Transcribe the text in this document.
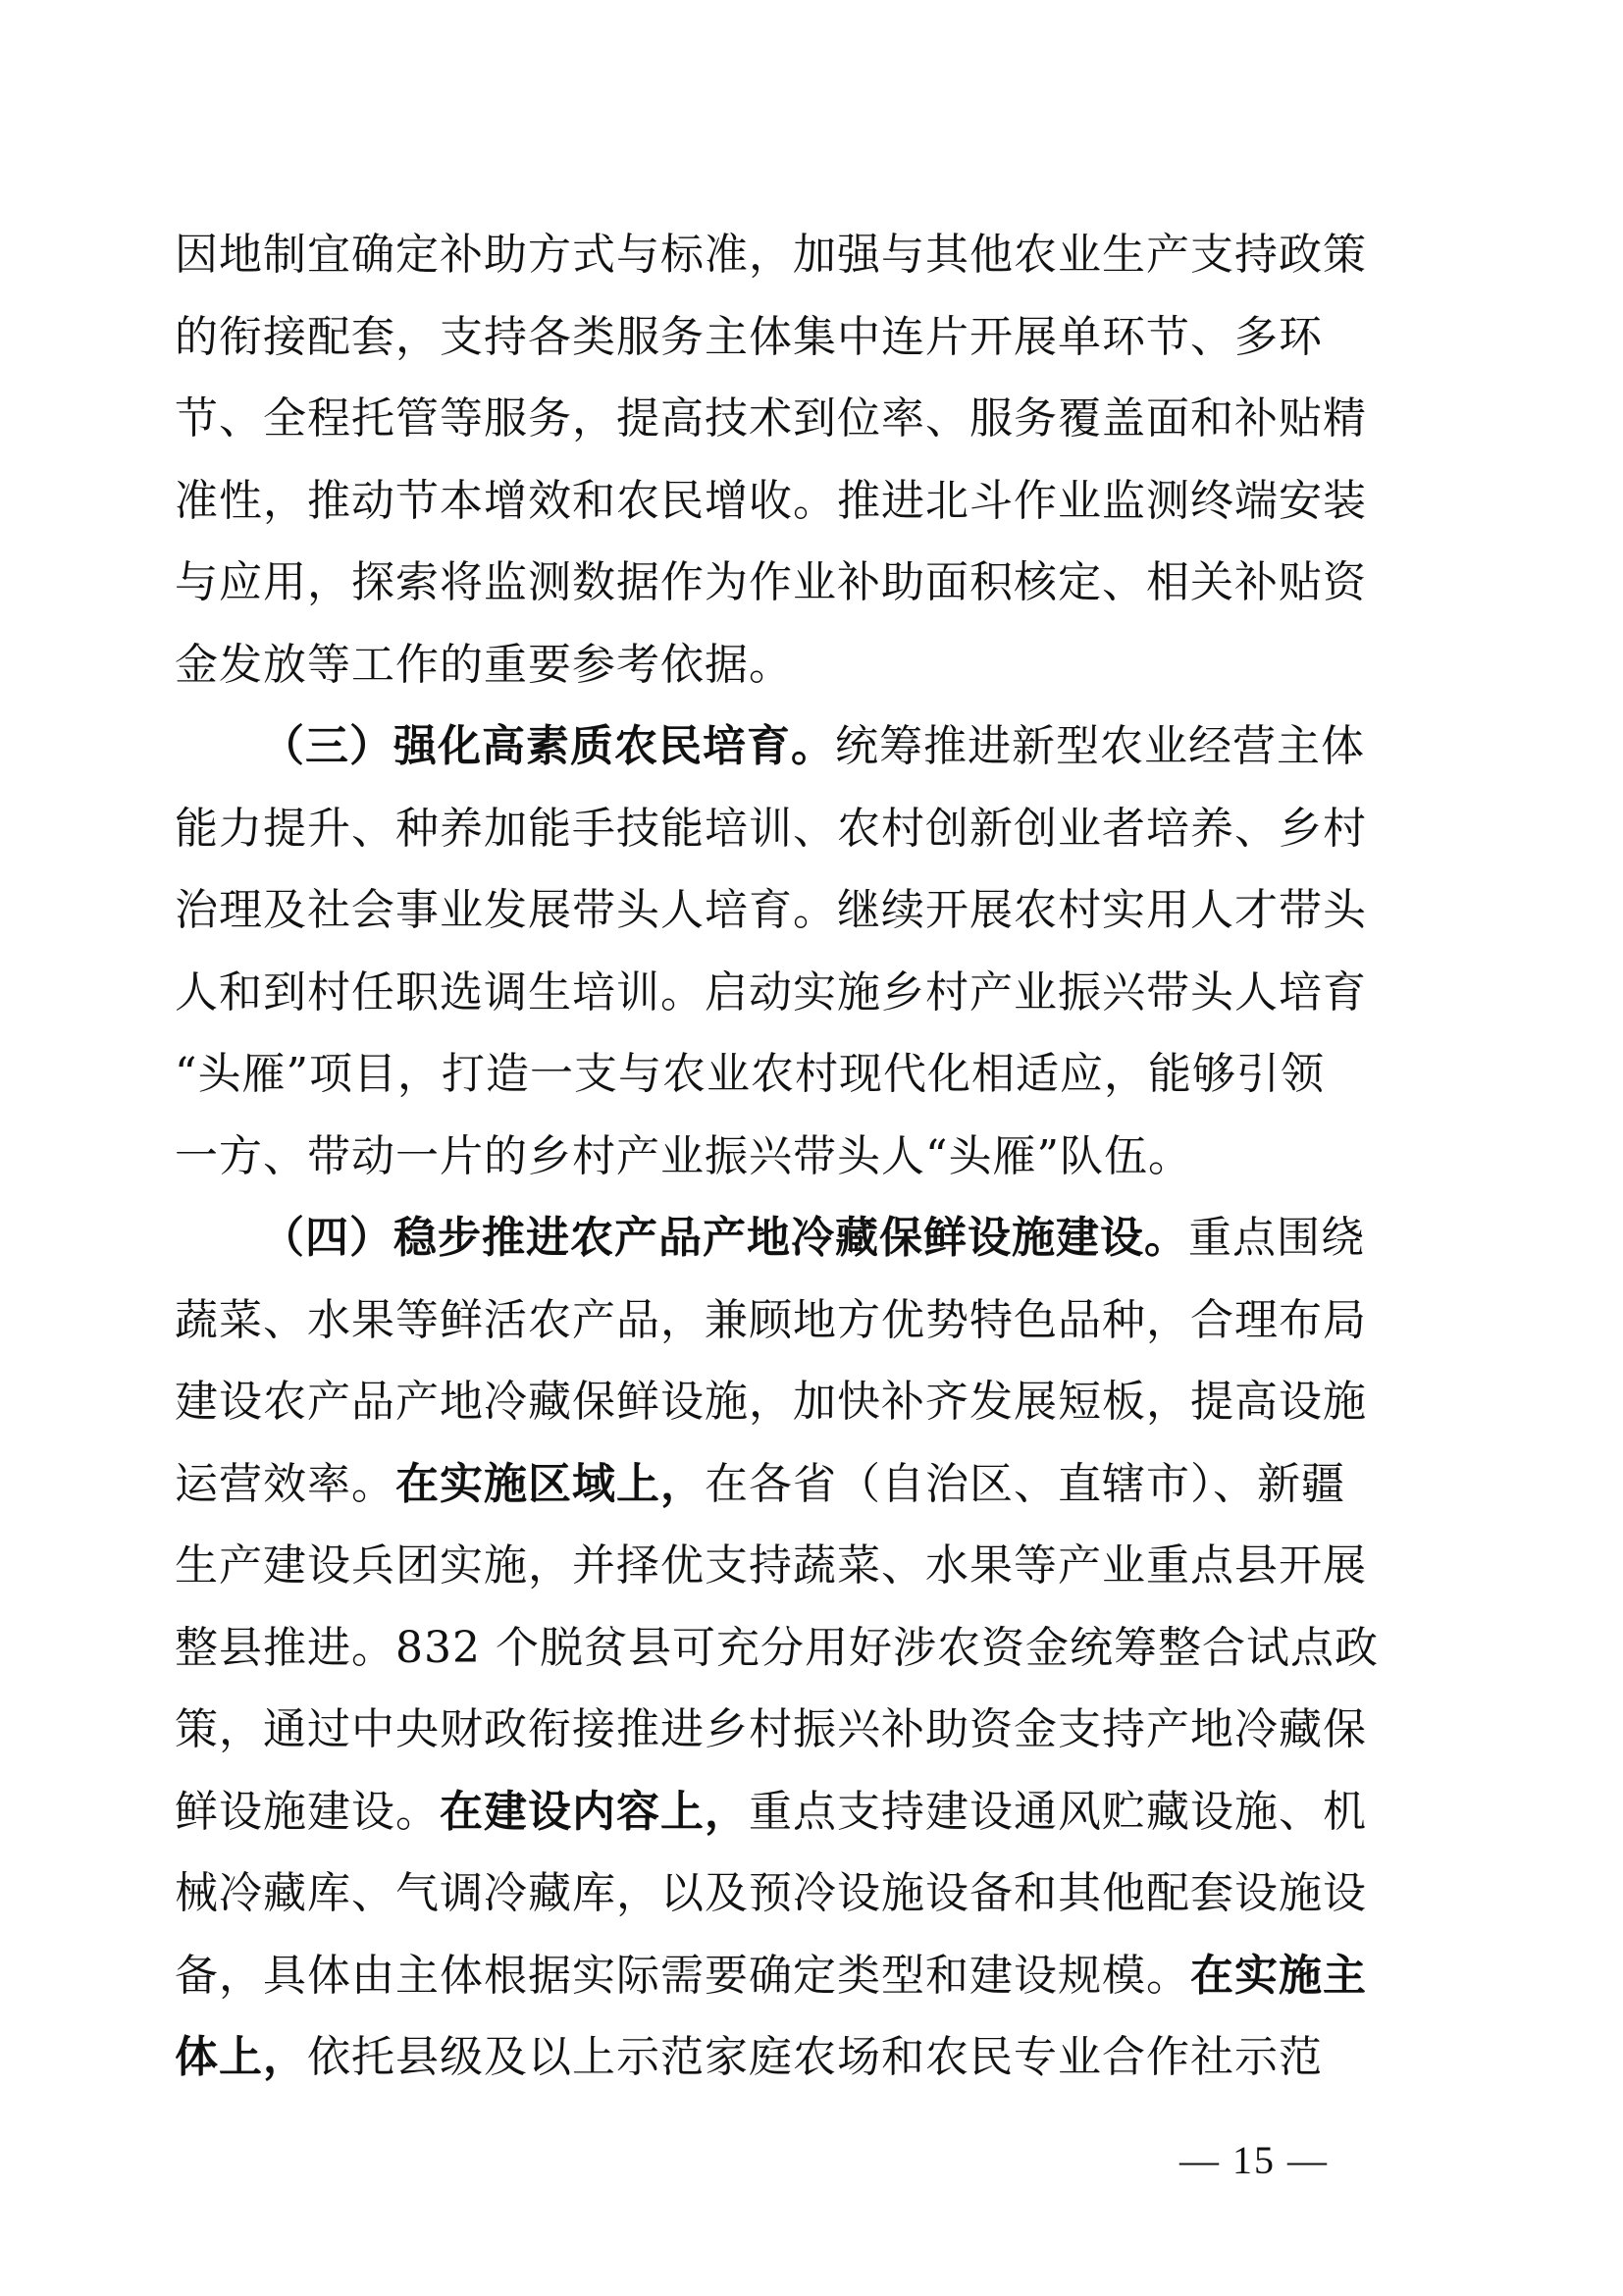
因地制宜确定补助方式与标准，加强与其他农业生产支持政策
的衔接配套，支持各类服务主体集中连片开展单环节、多环
节、全程托管等服务，提高技术到位率、服务覆盖面和补贴精
准性，推动节本增效和农民增收。推进北斗作业监测终端安装
与应用，探索将监测数据作为作业补助面积核定、相关补贴资
金发放等工作的重要参考依据。
（三）强化高素质农民培育。统筹推进新型农业经营主体
能力提升、种养加能手技能培训、农村创新创业者培养、乡村
治理及社会事业发展带头人培育。继续开展农村实用人才带头
人和到村任职选调生培训。启动实施乡村产业振兴带头人培育
“头雁”项目，打造一支与农业农村现代化相适应，能够引领
一方、带动一片的乡村产业振兴带头人“头雁”队伍。
（四）稳步推进农产品产地冷藏保鲜设施建设。重点围绕
蔬菜、水果等鲜活农产品，兼顾地方优势特色品种，合理布局
建设农产品产地冷藏保鲜设施，加快补齐发展短板，提高设施
运营效率。在实施区域上，在各省（自治区、直辖市）、新疆
生产建设兵团实施，并择优支持蔬菜、水果等产业重点县开展
整县推进。832 个脱贫县可充分用好涉农资金统筹整合试点政
策，通过中央财政衔接推进乡村振兴补助资金支持产地冷藏保
鲜设施建设。在建设内容上，重点支持建设通风贮藏设施、机
械冷藏库、气调冷藏库，以及预冷设施设备和其他配套设施设
备，具体由主体根据实际需要确定类型和建设规模。在实施主
体上，依托县级及以上示范家庭农场和农民专业合作社示范
— 15 —
